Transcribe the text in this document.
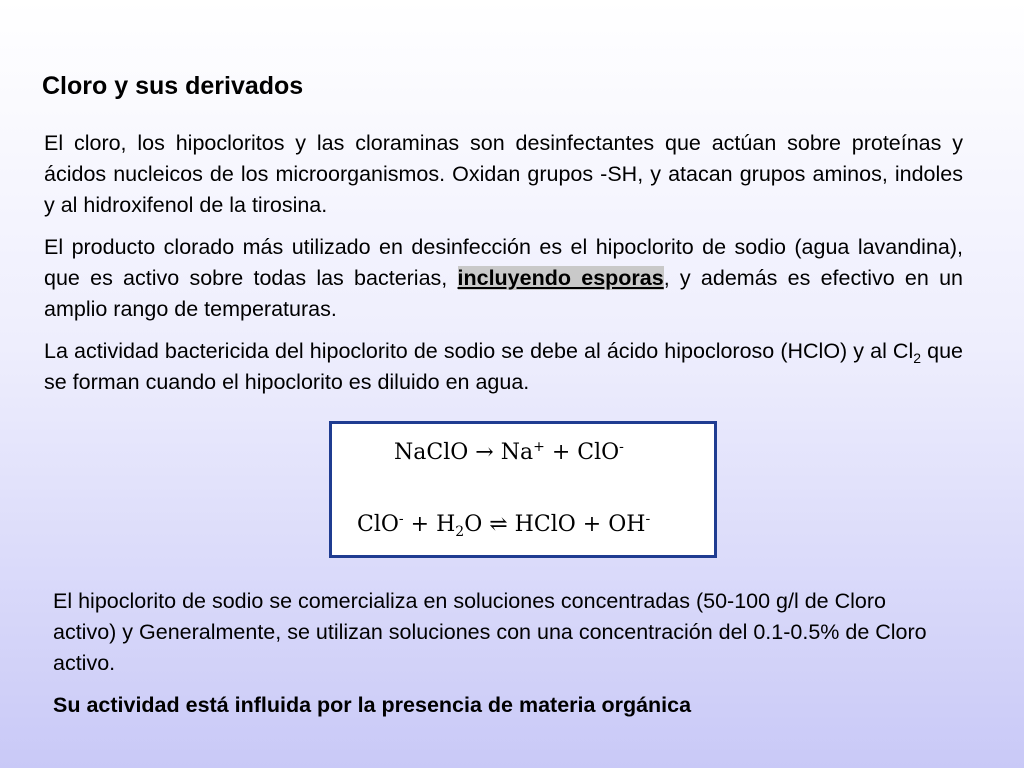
Cloro y sus derivados

El cloro, los hipocloritos y las cloraminas son desinfectantes que actúan sobre proteínas y ácidos nucleicos de los microorganismos. Oxidan grupos -SH, y atacan grupos aminos, indoles y al hidroxifenol de la tirosina.

El producto clorado más utilizado en desinfección es el hipoclorito de sodio (agua lavandina), que es activo sobre todas las bacterias, incluyendo esporas, y además es efectivo en un amplio rango de temperaturas.

La actividad bactericida del hipoclorito de sodio se debe al ácido hipocloroso (HClO) y al $Cl_2$ que se forman cuando el hipoclorito es diluido en agua.

NaClO → Na+ + ClO-
$ClO^- + H_2O$ ⇌ HClO + OH-

El hipoclorito de sodio se comercializa en soluciones concentradas (50-100 g/l de Cloro activo) y Generalmente, se utilizan soluciones con una concentración del 0.1-0.5% de Cloro activo.

Su actividad está influida por la presencia de materia orgánica
